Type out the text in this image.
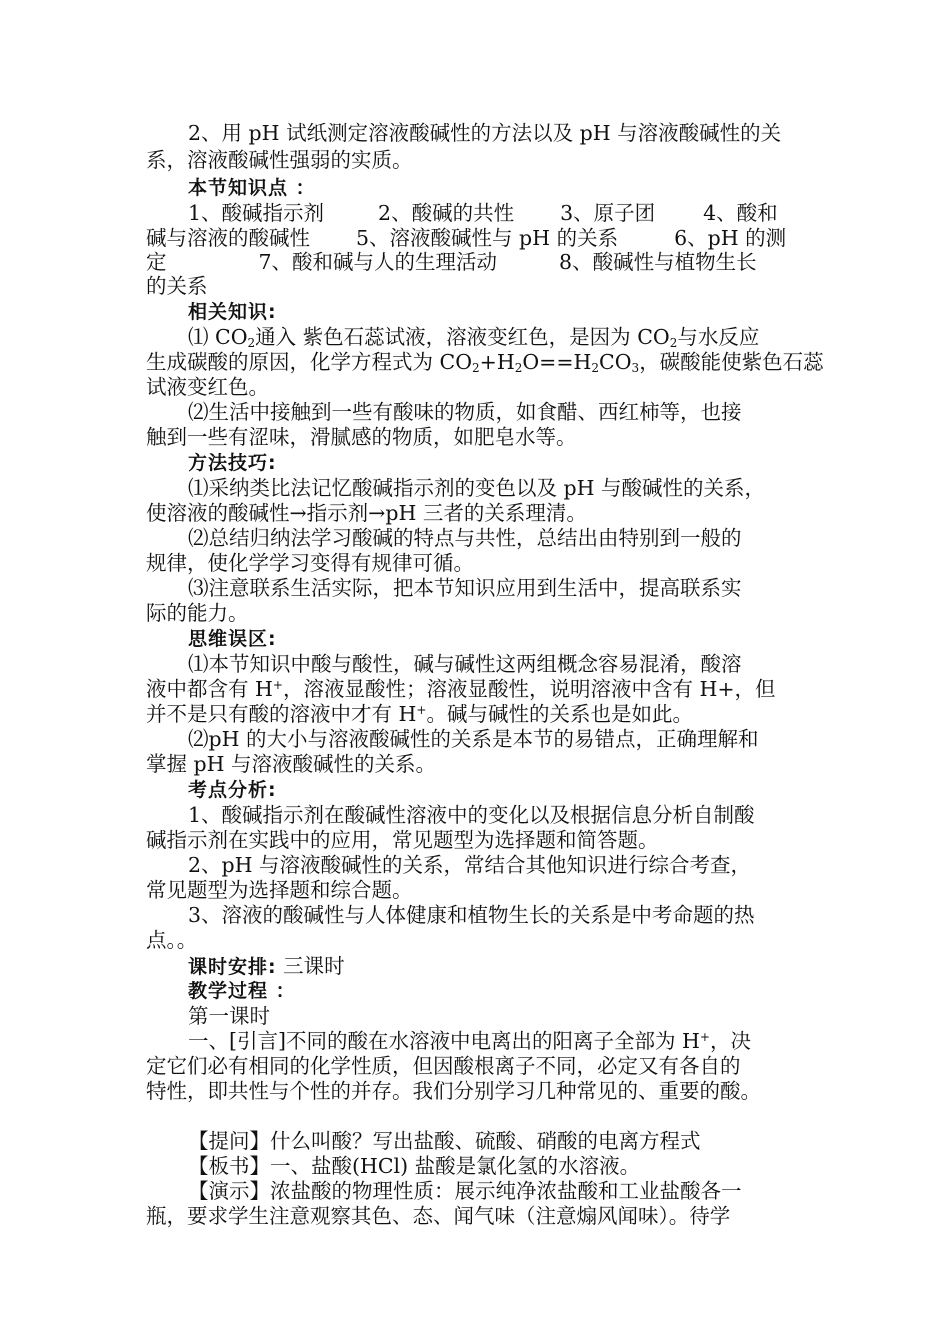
2、用 pH 试纸测定溶液酸碱性的方法以及 pH 与溶液酸碱性的关
系，溶液酸碱性强弱的实质。
本节知识点 ：
1、酸碱指示剂	2、酸碱的共性 3、原子团 4、酸和
碱与溶液的酸碱性 5、溶液酸碱性与 pH 的关系	6、pH 的测
定	7、酸和碱与人的生理活动	8、酸碱性与植物生长
的关系
相关知识:
⑴ $CO_2$通入 紫色石蕊试液，溶液变红色，是因为 $CO_2$与水反应
生成碳酸的原因，化学方程式为 $CO_2+H_2O==H_2CO_3$，碳酸能使紫色石蕊
试液变红色。
⑵生活中接触到一些有酸味的物质，如食醋、西红柿等，也接
触到一些有涩味，滑腻感的物质，如肥皂水等。
方法技巧:
⑴采纳类比法记忆酸碱指示剂的变色以及 pH 与酸碱性的关系，
使溶液的酸碱性→指示剂→pH 三者的关系理清。
⑵总结归纳法学习酸碱的特点与共性，总结出由特别到一般的
规律，使化学学习变得有规律可循。
⑶注意联系生活实际，把本节知识应用到生活中，提高联系实
际的能力。
思维误区:
⑴本节知识中酸与酸性，碱与碱性这两组概念容易混淆，酸溶
液中都含有 H+，溶液显酸性；溶液显酸性，说明溶液中含有 H+，但
并不是只有酸的溶液中才有 H+。碱与碱性的关系也是如此。
⑵pH 的大小与溶液酸碱性的关系是本节的易错点，正确理解和
掌握 pH 与溶液酸碱性的关系。
考点分析:
1、酸碱指示剂在酸碱性溶液中的变化以及根据信息分析自制酸
碱指示剂在实践中的应用，常见题型为选择题和简答题。
2、pH 与溶液酸碱性的关系，常结合其他知识进行综合考查，
常见题型为选择题和综合题。
3、溶液的酸碱性与人体健康和植物生长的关系是中考命题的热
点。。
课时安排: 三课时
教学过程 ：
第一课时
一、[引言]不同的酸在水溶液中电离出的阳离子全部为 H+，决
定它们必有相同的化学性质，但因酸根离子不同，必定又有各自的
特性，即共性与个性的并存。我们分别学习几种常见的、重要的酸。
【提问】什么叫酸？写出盐酸、硫酸、硝酸的电离方程式
【板书】一、盐酸(HCl) 盐酸是氯化氢的水溶液。
【演示】浓盐酸的物理性质：展示纯净浓盐酸和工业盐酸各一
瓶，要求学生注意观察其色、态、闻气味（注意煽风闻味）。待学
